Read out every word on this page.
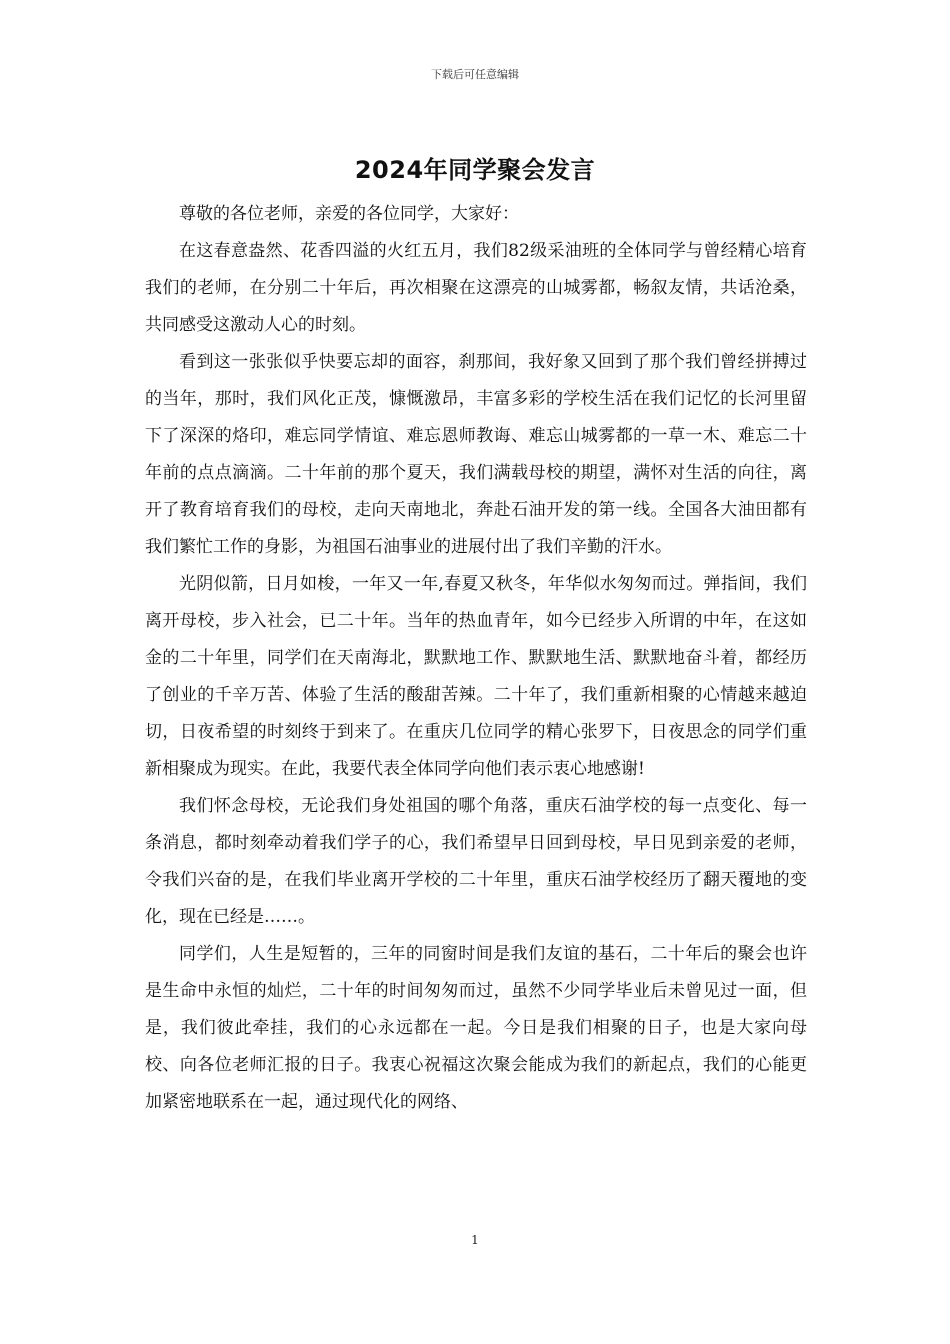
下载后可任意编辑
2024年同学聚会发言

尊敬的各位老师，亲爱的各位同学，大家好：

在这春意盎然、花香四溢的火红五月，我们82级采油班的全体同学与曾经精心培育我们的老师，在分别二十年后，再次相聚在这漂亮的山城雾都，畅叙友情，共话沧桑，共同感受这激动人心的时刻。

看到这一张张似乎快要忘却的面容，刹那间，我好象又回到了那个我们曾经拼搏过的当年，那时，我们风化正茂，慷慨激昂，丰富多彩的学校生活在我们记忆的长河里留下了深深的烙印，难忘同学情谊、难忘恩师教诲、难忘山城雾都的一草一木、难忘二十年前的点点滴滴。二十年前的那个夏天，我们满载母校的期望，满怀对生活的向往，离开了教育培育我们的母校，走向天南地北，奔赴石油开发的第一线。全国各大油田都有我们繁忙工作的身影，为祖国石油事业的进展付出了我们辛勤的汗水。

光阴似箭，日月如梭，一年又一年,春夏又秋冬，年华似水匆匆而过。弹指间，我们离开母校，步入社会，已二十年。当年的热血青年，如今已经步入所谓的中年，在这如金的二十年里，同学们在天南海北，默默地工作、默默地生活、默默地奋斗着，都经历了创业的千辛万苦、体验了生活的酸甜苦辣。二十年了，我们重新相聚的心情越来越迫切，日夜希望的时刻终于到来了。在重庆几位同学的精心张罗下，日夜思念的同学们重新相聚成为现实。在此，我要代表全体同学向他们表示衷心地感谢!

我们怀念母校，无论我们身处祖国的哪个角落，重庆石油学校的每一点变化、每一条消息，都时刻牵动着我们学子的心，我们希望早日回到母校，早日见到亲爱的老师，令我们兴奋的是，在我们毕业离开学校的二十年里，重庆石油学校经历了翻天覆地的变化，现在已经是……。

同学们，人生是短暂的，三年的同窗时间是我们友谊的基石，二十年后的聚会也许是生命中永恒的灿烂，二十年的时间匆匆而过，虽然不少同学毕业后未曾见过一面，但是，我们彼此牵挂，我们的心永远都在一起。今日是我们相聚的日子，也是大家向母校、向各位老师汇报的日子。我衷心祝福这次聚会能成为我们的新起点，我们的心能更加紧密地联系在一起，通过现代化的网络、

1
